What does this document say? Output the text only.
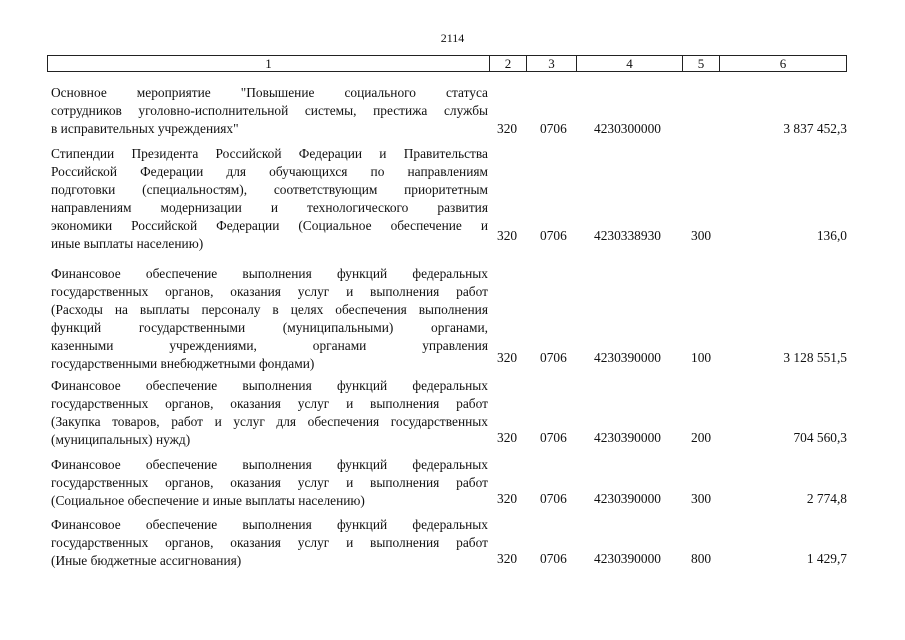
2114
1	2	3	4	5	6
Основное мероприятие "Повышение социального статуса
сотрудников уголовно-исполнительной системы, престижа службы
в исправительных учреждениях"	320 0706 4230300000	3 837 452,3
Стипендии Президента Российской Федерации и Правительства
Российской Федерации для обучающихся по направлениям
подготовки (специальностям), соответствующим приоритетным
направлениям модернизации и технологического развития
экономики Российской Федерации (Социальное обеспечение и
иные выплаты населению)
320 0706 4230338930 300	136,0
Финансовое обеспечение выполнения функций федеральных
государственных органов, оказания услуг и выполнения работ
(Расходы на выплаты персоналу в целях обеспечения выполнения
функций государственными (муниципальными) органами,
казенными учреждениями, органами управления
государственными внебюджетными фондами)	320 0706 4230390000 100	3 128 551,5
Финансовое обеспечение выполнения функций федеральных
государственных органов, оказания услуг и выполнения работ
(Закупка товаров, работ и услуг для обеспечения государственных
(муниципальных) нужд)	320 0706 4230390000 200	704 560,3
Финансовое обеспечение выполнения функций федеральных
государственных органов, оказания услуг и выполнения работ
(Социальное обеспечение и иные выплаты населению)	320 0706 4230390000 300	2 774,8
Финансовое обеспечение выполнения функций федеральных
государственных органов, оказания услуг и выполнения работ
(Иные бюджетные ассигнования)	320 0706 4230390000 800	1 429,7
